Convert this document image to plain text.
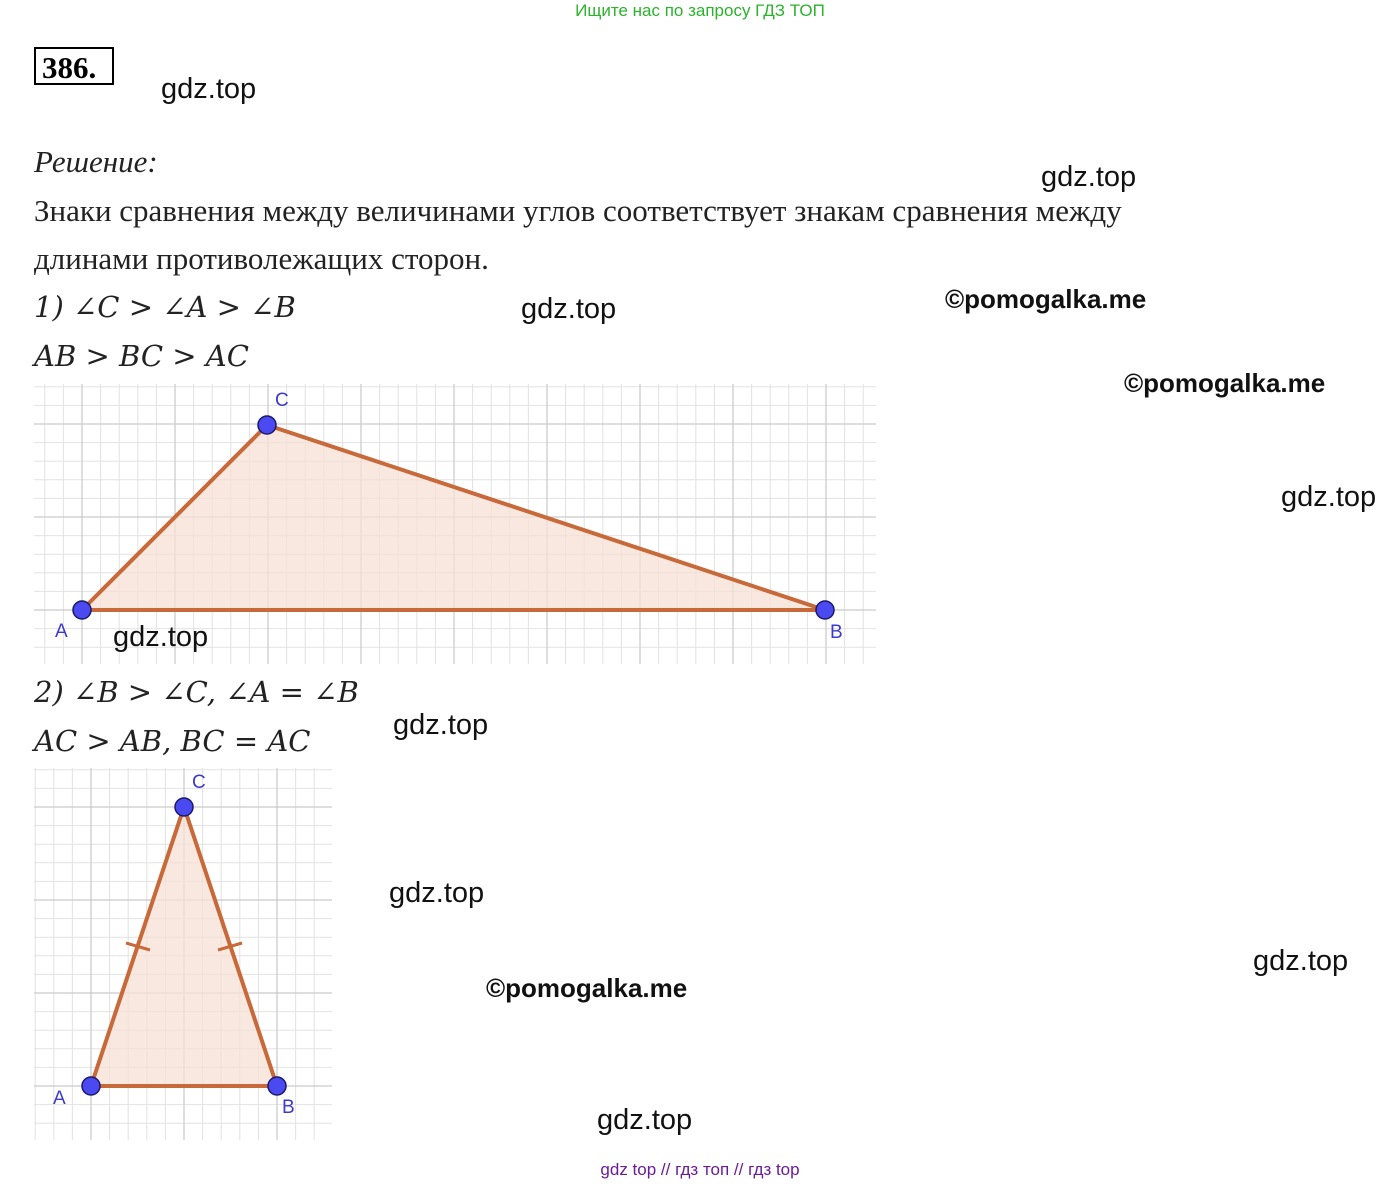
Ищите нас по запросу ГДЗ ТОП
386.
Решение:
Знаки сравнения между величинами углов соответствует знакам сравнения между
длинами противолежащих сторон.
1) ∠C > ∠A > ∠B
AB > BC > AC
A
C
B
2) ∠B > ∠C, ∠A = ∠B
AC > AB, BC = AC
A
C
B
gdz.top
gdz.top
gdz.top	©pomogalka.me
©pomogalka.me
gdz.top
gdz.top
gdz.top
gdz.top
©pomogalka.me
gdz.top
gdz.top
gdz top // гдз топ // гдз top
